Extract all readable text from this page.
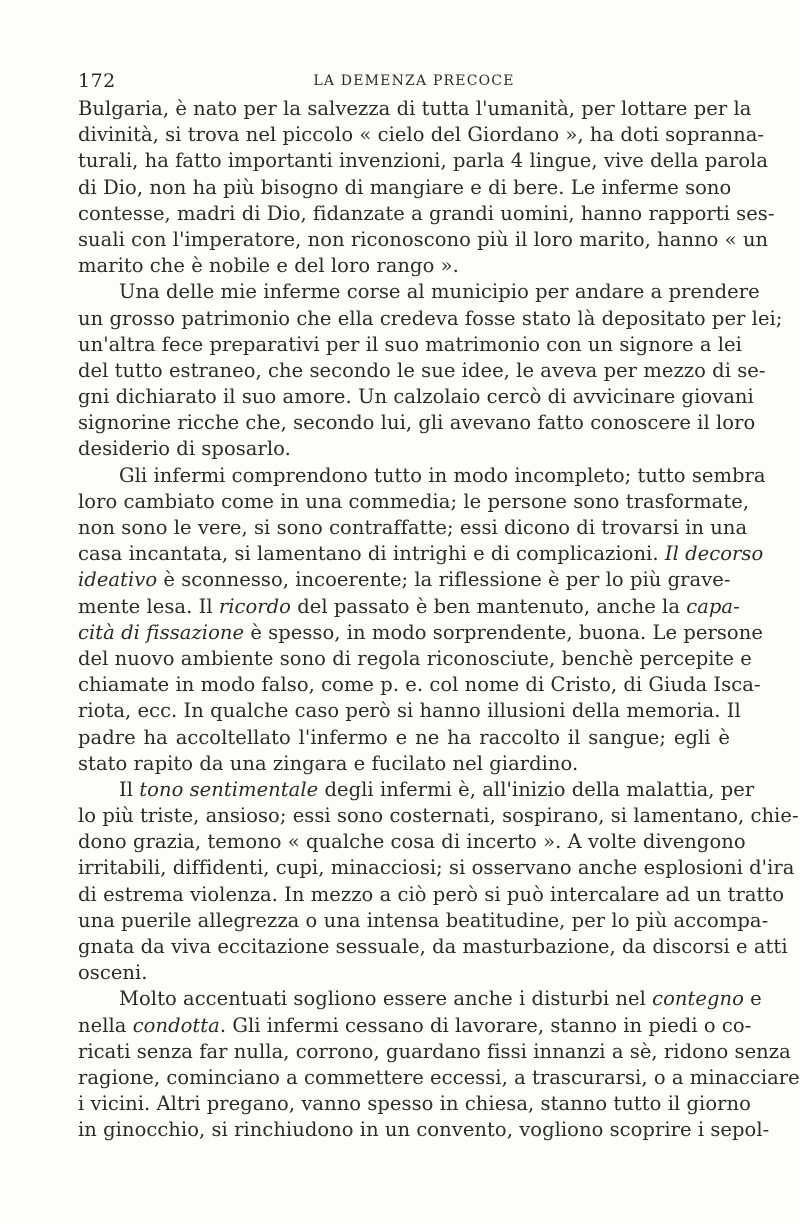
172	LA DEMENZA PRECOCE
Bulgaria, è nato per la salvezza di tutta l'umanità, per lottare per la
divinità, si trova nel piccolo « cielo del Giordano », ha doti sopranna-
turali, ha fatto importanti invenzioni, parla 4 lingue, vive della parola
di Dio, non ha più bisogno di mangiare e di bere. Le inferme sono
contesse, madri di Dio, fidanzate a grandi uomini, hanno rapporti ses-
suali con l'imperatore, non riconoscono più il loro marito, hanno « un
marito che è nobile e del loro rango ».
Una delle mie inferme corse al municipio per andare a prendere
un grosso patrimonio che ella credeva fosse stato là depositato per lei;
un'altra fece preparativi per il suo matrimonio con un signore a lei
del tutto estraneo, che secondo le sue idee, le aveva per mezzo di se-
gni dichiarato il suo amore. Un calzolaio cercò di avvicinare giovani
signorine ricche che, secondo lui, gli avevano fatto conoscere il loro
desiderio di sposarlo.
Gli infermi comprendono tutto in modo incompleto; tutto sembra
loro cambiato come in una commedia; le persone sono trasformate,
non sono le vere, si sono contraffatte; essi dicono di trovarsi in una
casa incantata, si lamentano di intrighi e di complicazioni. Il decorso
ideativo è sconnesso, incoerente; la riflessione è per lo più grave-
mente lesa. Il ricordo del passato è ben mantenuto, anche la capa-
cità di fissazione è spesso, in modo sorprendente, buona. Le persone
del nuovo ambiente sono di regola riconosciute, benchè percepite e
chiamate in modo falso, come p. e. col nome di Cristo, di Giuda Isca-
riota, ecc. In qualche caso però si hanno illusioni della memoria. Il
padre ha accoltellato l'infermo e ne ha raccolto il sangue; egli è
stato rapito da una zingara e fucilato nel giardino.
Il tono sentimentale degli infermi è, all'inizio della malattia, per
lo più triste, ansioso; essi sono costernati, sospirano, si lamentano, chie-
dono grazia, temono « qualche cosa di incerto ». A volte divengono
irritabili, diffidenti, cupi, minacciosi; si osservano anche esplosioni d'ira
di estrema violenza. In mezzo a ciò però si può intercalare ad un tratto
una puerile allegrezza o una intensa beatitudine, per lo più accompa-
gnata da viva eccitazione sessuale, da masturbazione, da discorsi e atti
osceni.
Molto accentuati sogliono essere anche i disturbi nel contegno e
nella condotta. Gli infermi cessano di lavorare, stanno in piedi o co-
ricati senza far nulla, corrono, guardano fissi innanzi a sè, ridono senza
ragione, cominciano a commettere eccessi, a trascurarsi, o a minacciare
i vicini. Altri pregano, vanno spesso in chiesa, stanno tutto il giorno
in ginocchio, si rinchiudono in un convento, vogliono scoprire i sepol-
